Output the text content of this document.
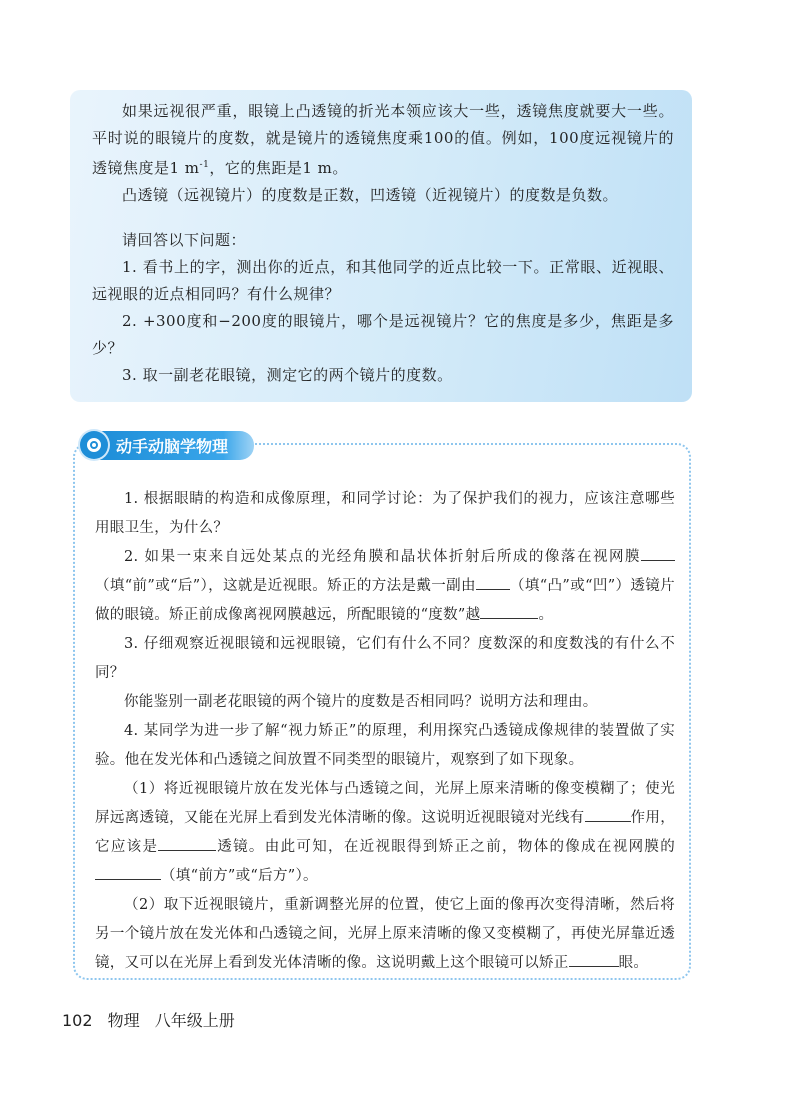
如果远视很严重，眼镜上凸透镜的折光本领应该大一些，透镜焦度就要大一些。平时说的眼镜片的度数，就是镜片的透镜焦度乘100的值。例如，100度远视镜片的透镜焦度是1 $m^{-1}$，它的焦距是1 m。

凸透镜（远视镜片）的度数是正数，凹透镜（近视镜片）的度数是负数。

请回答以下问题：

1. 看书上的字，测出你的近点，和其他同学的近点比较一下。正常眼、近视眼、远视眼的近点相同吗？有什么规律？

2. +300度和−200度的眼镜片，哪个是远视镜片？它的焦度是多少，焦距是多少？

3. 取一副老花眼镜，测定它的两个镜片的度数。

1. 根据眼睛的构造和成像原理，和同学讨论：为了保护我们的视力，应该注意哪些用眼卫生，为什么？

2. 如果一束来自远处某点的光经角膜和晶状体折射后所成的像落在视网膜（填“前”或“后”），这就是近视眼。矫正的方法是戴一副由 （填“凸”或“凹”）透镜片做的眼镜。矫正前成像离视网膜越远，所配眼镜的“度数”越	。

3. 仔细观察近视眼镜和远视眼镜，它们有什么不同？度数深的和度数浅的有什么不同？

你能鉴别一副老花眼镜的两个镜片的度数是否相同吗？说明方法和理由。

4. 某同学为进一步了解“视力矫正”的原理，利用探究凸透镜成像规律的装置做了实验。他在发光体和凸透镜之间放置不同类型的眼镜片，观察到了如下现象。

（1）将近视眼镜片放在发光体与凸透镜之间，光屏上原来清晰的像变模糊了；使光屏远离透镜，又能在光屏上看到发光体清晰的像。这说明近视眼镜对光线有	作用，它应该是	透镜。由此可知，在近视眼得到矫正之前，物体的像成在视网膜的（填“前方”或“后方”）。

（2）取下近视眼镜片，重新调整光屏的位置，使它上面的像再次变得清晰，然后将另一个镜片放在发光体和凸透镜之间，光屏上原来清晰的像又变模糊了，再使光屏靠近透镜，又可以在光屏上看到发光体清晰的像。这说明戴上这个眼镜可以矫正	眼。

动手动脑学物理
102 物理 八年级上册
